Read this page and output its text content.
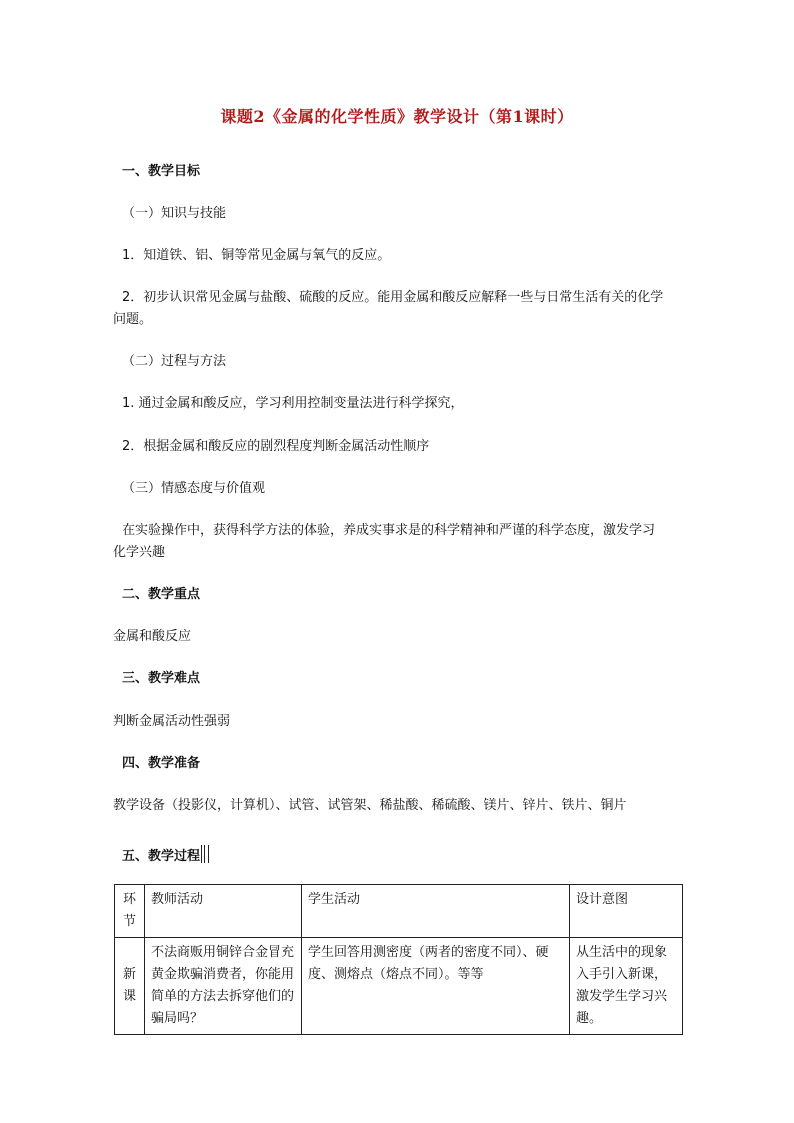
课题2《金属的化学性质》教学设计（第1课时）
一、教学目标
（一）知识与技能
1．知道铁、铝、铜等常见金属与氧气的反应。
2．初步认识常见金属与盐酸、硫酸的反应。能用金属和酸反应解释一些与日常生活有关的化学
问题。
（二）过程与方法
1. 通过金属和酸反应，学习利用控制变量法进行科学探究，
2．根据金属和酸反应的剧烈程度判断金属活动性顺序
（三）情感态度与价值观
在实验操作中，获得科学方法的体验，养成实事求是的科学精神和严谨的科学态度，激发学习
化学兴趣
二、教学重点
金属和酸反应
三、教学难点
判断金属活动性强弱
四、教学准备
教学设备（投影仪，计算机）、试管、试管架、稀盐酸、稀硫酸、镁片、锌片、铁片、铜片
五、教学过程
环节	教师活动	学生活动	设计意图
新课	不法商贩用铜锌合金冒充黄金欺骗消费者，你能用简单的方法去拆穿他们的骗局吗？	学生回答用测密度（两者的密度不同）、硬度、测熔点（熔点不同）。等等	从生活中的现象入手引入新课，激发学生学习兴趣。
